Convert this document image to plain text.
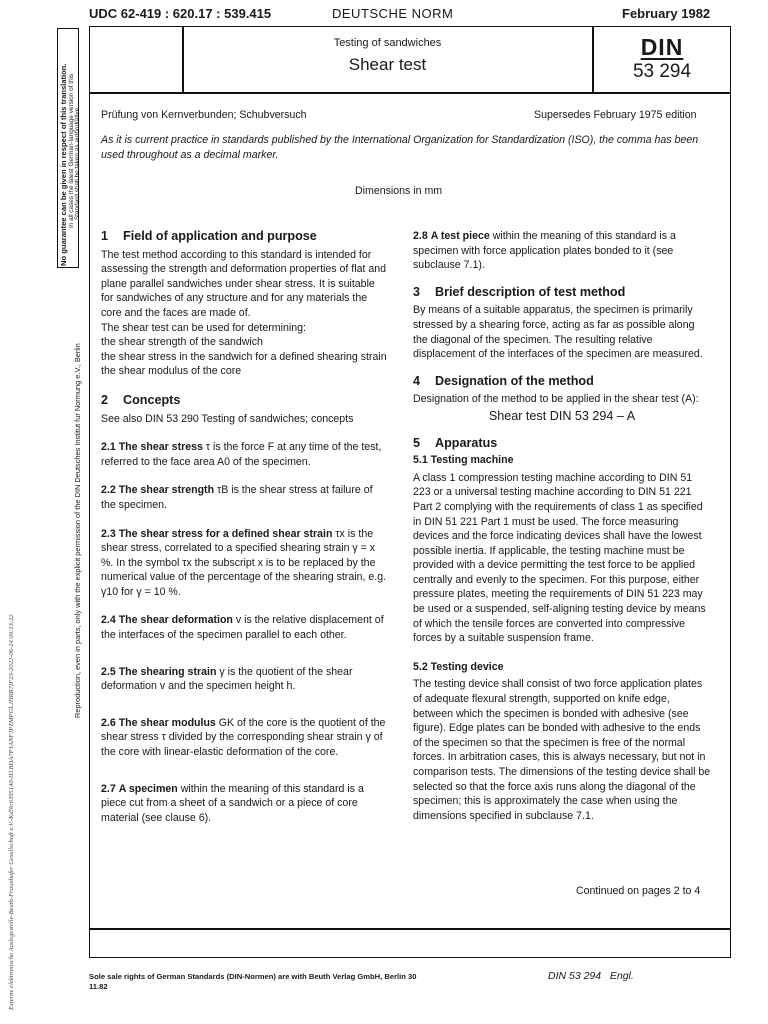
UDC 62-419 : 620.17 : 539.415	DEUTSCHE NORM	February 1982
No guarantee can be given in respect of this translation. In all cases the latest German-language version of this Standard shall be taken as authoritative.
Reproduction, even in parts, only with the explicit permission of the DIN Deutsches Institut fur Normung e.V., Berlin
Externe elektronische Auslegestelle-Beuth-Fraunhofer Gesellschaft e.V.-KdNr.6395140-ID.BDA7P1ANFJPZMPGLJHRR7IF23-2022-06-24 09:13:22
Testing of sandwiches
Shear test
DIN
53 294
Prüfung von Kernverbunden; Schubversuch	Supersedes February 1975 edition
As it is current practice in standards published by the International Organization for Standardization (ISO), the comma has been used throughout as a decimal marker.
Dimensions in mm
1 Field of application and purpose

The test method according to this standard is intended for assessing the strength and deformation properties of flat and plane parallel sandwiches under shear stress. It is suitable for sandwiches of any structure and for any materials the core and the faces are made of.

The shear test can be used for determining:

the shear strength of the sandwich

the shear stress in the sandwich for a defined shearing strain

the shear modulus of the core

2 Concepts

See also DIN 53 290 Testing of sandwiches; concepts

2.1 The shear stress τ is the force F at any time of the test, referred to the face area A0 of the specimen.

2.2 The shear strength τB is the shear stress at failure of the specimen.

2.3 The shear stress for a defined shear strain τx is the shear stress, correlated to a specified shearing strain γ = x %. In the symbol τx the subscript x is to be replaced by the numerical value of the percentage of the shearing strain, e.g. γ10 for γ = 10 %.

2.4 The shear deformation v is the relative displacement of the interfaces of the specimen parallel to each other.

2.5 The shearing strain γ is the quotient of the shear deformation v and the specimen height h.

2.6 The shear modulus GK of the core is the quotient of the shear stress τ divided by the corresponding shear strain γ of the core with linear-elastic deformation of the core.

2.7 A specimen within the meaning of this standard is a piece cut from a sheet of a sandwich or a piece of core material (see clause 6).

2.8 A test piece within the meaning of this standard is a specimen with force application plates bonded to it (see subclause 7.1).

3 Brief description of test method

By means of a suitable apparatus, the specimen is primarily stressed by a shearing force, acting as far as possible along the diagonal of the specimen. The resulting relative displacement of the interfaces of the specimen are measured.

4 Designation of the method

Designation of the method to be applied in the shear test (A):

Shear test DIN 53 294 – A

5 Apparatus
5.1 Testing machine

A class 1 compression testing machine according to DIN 51 223 or a universal testing machine according to DIN 51 221 Part 2 complying with the requirements of class 1 as specified in DIN 51 221 Part 1 must be used. The force measuring devices and the force indicating devices shall have the lowest possible inertia. If applicable, the testing machine must be provided with a device permitting the test force to be applied centrally and evenly to the specimen. For this purpose, either pressure plates, meeting the requirements of DIN 51 223 may be used or a suspended, self-aligning testing device by means of which the tensile forces are converted into compressive forces by a suitable suspension frame.

5.2 Testing device

The testing device shall consist of two force application plates of adequate flexural strength, supported on knife edge, between which the specimen is bonded with adhesive (see figure). Edge plates can be bonded with adhesive to the ends of the specimen so that the specimen is free of the normal forces. In arbitration cases, this is always necessary, but not in comparison tests. The dimensions of the testing device shall be selected so that the force axis runs along the diagonal of the specimen; this is approximately the case when using the dimensions specified in subclause 7.1.

Continued on pages 2 to 4
Sole sale rights of German Standards (DIN-Normen) are with Beuth Verlag GmbH, Berlin 30
11.82
DIN 53 294   Engl.
